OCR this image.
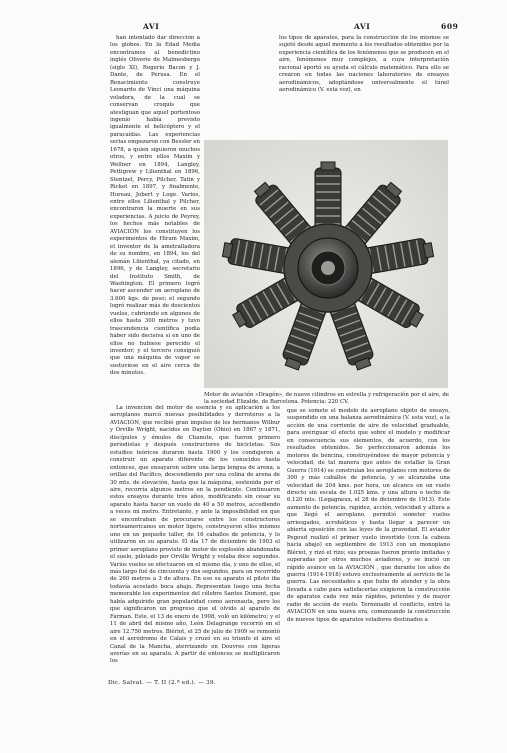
AVI	AVI	609

han intentado dar dirección a los globos. En la Edad Media encontramos al benedictino inglés Oliverio de Malmesbergo (siglo XI), Rogerio Bacon y J. Dante, de Perusa. En el Renacimiento construye Leonardo de Vinci una máquina voladora, de la cual se conservan croquis que atestiguan que aquel portentoso ingenio había previsto igualmente el helicóptero y el paracaídas. Las experiencias serias empezaron con Bessler en 1678, a quien siguieron muchos otros, y entre ellos Maxim y Wellner en 1894, Langley, Pettigrew y Lilienthal en 1896, Stentzel, Percy, Pilcher, Tatin y Ricket en 1897, y finalmente, Hureau, Jobert y Loge. Varios, entre ellos Lilienthal y Pilcher, encontraron la muerte en sus experiencias. A juicio de Peyrey, los hechos más notables de AVIACIÓN los constituyen los experimentos de Hiram Maxim, el inventor de la ametralladora de su nombre, en 1894, los del alemán Lilienthal, ya citado, en 1896, y de Langley, secretario del Instituto Smith, de Washington. El primero logró hacer ascender un aeroplano de 3.600 kgs. de peso; el segundo logró realizar más de doscientos vuelos, cubriendo en algunos de ellos hasta 300 metros y tuvo trascendencia científica podía haber sido decisiva si en uno de ellos no hubiese perecido el inventor; y el tercero consiguió que una máquina de vapor se sostuviese en el aire cerca de dos minutos.

los tipos de aparatos, para la construcción de los mismos se sujetó desde aquel momento a los resultados obtenidos por la experiencia científica de los fenómenos que se producen en el aire, fenómenos muy complejos, a cuya interpretación racional aportó su ayuda el cálculo matemático. Para ello se crearon en todas las naciones laboratorios de ensayos aerodinámicos, adoptándose universalmente el túnel aerodinámico (V. esta voz), en

Motor de aviación «Dragón», de nueve cilindros en estrella y refrigeración por el aire, de la sociedad Elizalde, de Barcelona. Potencia: 220 CV.

La invención del motor de esencia y su aplicación a los aeroplanos marcó nuevas posibilidades y derroteros a la AVIACIÓN, que recibió gran impulso de los hermanos Wilbur y Orville Wright, nacidos en Dayton (Ohio) en 1867 y 1871, discípulos y émulos de Chanute, que fueron primero periodistas y después constructores de bicicletas. Sus estudios teóricos duraron hasta 1900 y los condujeron a construir un aparato diferente de los conocidos hasta entonces, que ensayaron sobre una larga lengua de arena, a orillas del Pacífico, descendiendo por una colina de arena de 30 mts. de elevación, hasta que la máquina, sostenida por el aire, recorría algunos metros en la pendiente. Continuaron estos ensayos durante tres años, modificando sin cesar su aparato hasta hacer un vuelo de 40 a 50 metros, accediendo a veces mi metro. Entretanto, y ante la imposibilidad en que se encontraban de procurarse entre los constructores norteamericanos un motor ligero, construyeron ellos mismos uno en un pequeño taller, de 16 caballos de potencia, y lo utilizaron en su aparato. El día 17 de diciembre de 1903 el primer aeroplano provisto de motor de explosión abandonaba el suelo, pilotado por Orville Wright y volaba doce segundos. Varios vuelos se efectuaron en el mismo día, y uno de ellos, el más largo fué de cincuenta y dos segundos, para un recorrido de 260 metros a 3 de altura. En ese su aparato el piloto iba todavía acostado boca abajo. Representan luego una fecha memorable los experimentos del célebre Santos Dumont, que había adquirido gran popularidad como aeronauta, pero los que significaron un progreso que el olvido al aparato de Farman. Este, el 13 de enero de 1908, voló un kilómetro; y el 11 de abril del mismo año, León Delagrange recorrió en el aire 12.750 metros. Blériot, el 25 de julio de 1909 se remontó en el aeródromo de Calais y cruzó en su triunfo el aire el Canal de la Mancha, aterrizando en Douvres con ligeras averías en su aparato. A partir de entonces se multiplicaron los

que se somete el modelo de aeroplano objeto de ensayo, suspendido en una balanza aerodinámica (V. esta voz), a la acción de una corriente de aire de velocidad graduable, para averiguar el efecto que sobre el modelo y modificar en consecuencia sus elementos, de acuerdo, con los resultados obtenidos. Se perfeccionaron además los motores de bencina, construyéndose de mayor potencia y velocidad, de tal manera que antes de estallar la Gran Guerra (1914) se construían los aeroplanos con motores de 300 y más caballos de potencia, y se alcanzaba una velocidad de 204 kms. por hora, un alcance en un vuelo directo sin escala de 1.025 kms. y una altura o techo de 6.120 mts. (Legagneux, el 28 de diciembre de 1913). Este aumento de potencia, rapidez, acción, velocidad y altura a que llegó el aeroplano, permitió someter vuelos arriesgados, acrobáticos y hasta llegar a parecer un abierta oposición con las leyes de la gravedad. El aviador Pegoud realizó el primer vuelo invertido (con la cabeza hacia abajo) en septiembre de 1913 con un monoplano Blériot, y rizó el rizo; sus proezas fueron pronto imitadas y superadas por otros muchos aviadores, y se inició un rápido avance en la AVIACIÓN , que durante los años de guerra (1914-1918) estuvo exclusivamente al servicio de la guerra. Las necesidades a que hubo de atender y la obra llevada a cabo para satisfacerlas exigieron la construcción de aparatos cada vez más rápidos, potentes y de mayor radio de acción de vuelo. Terminado el conflicto, entró la AVIACIÓN en una nueva era, comenzando la construcción de nuevos tipos de aparatos voladores destinados a

Dic. Salvat. — T. II (2.ª ed.). — 39.
